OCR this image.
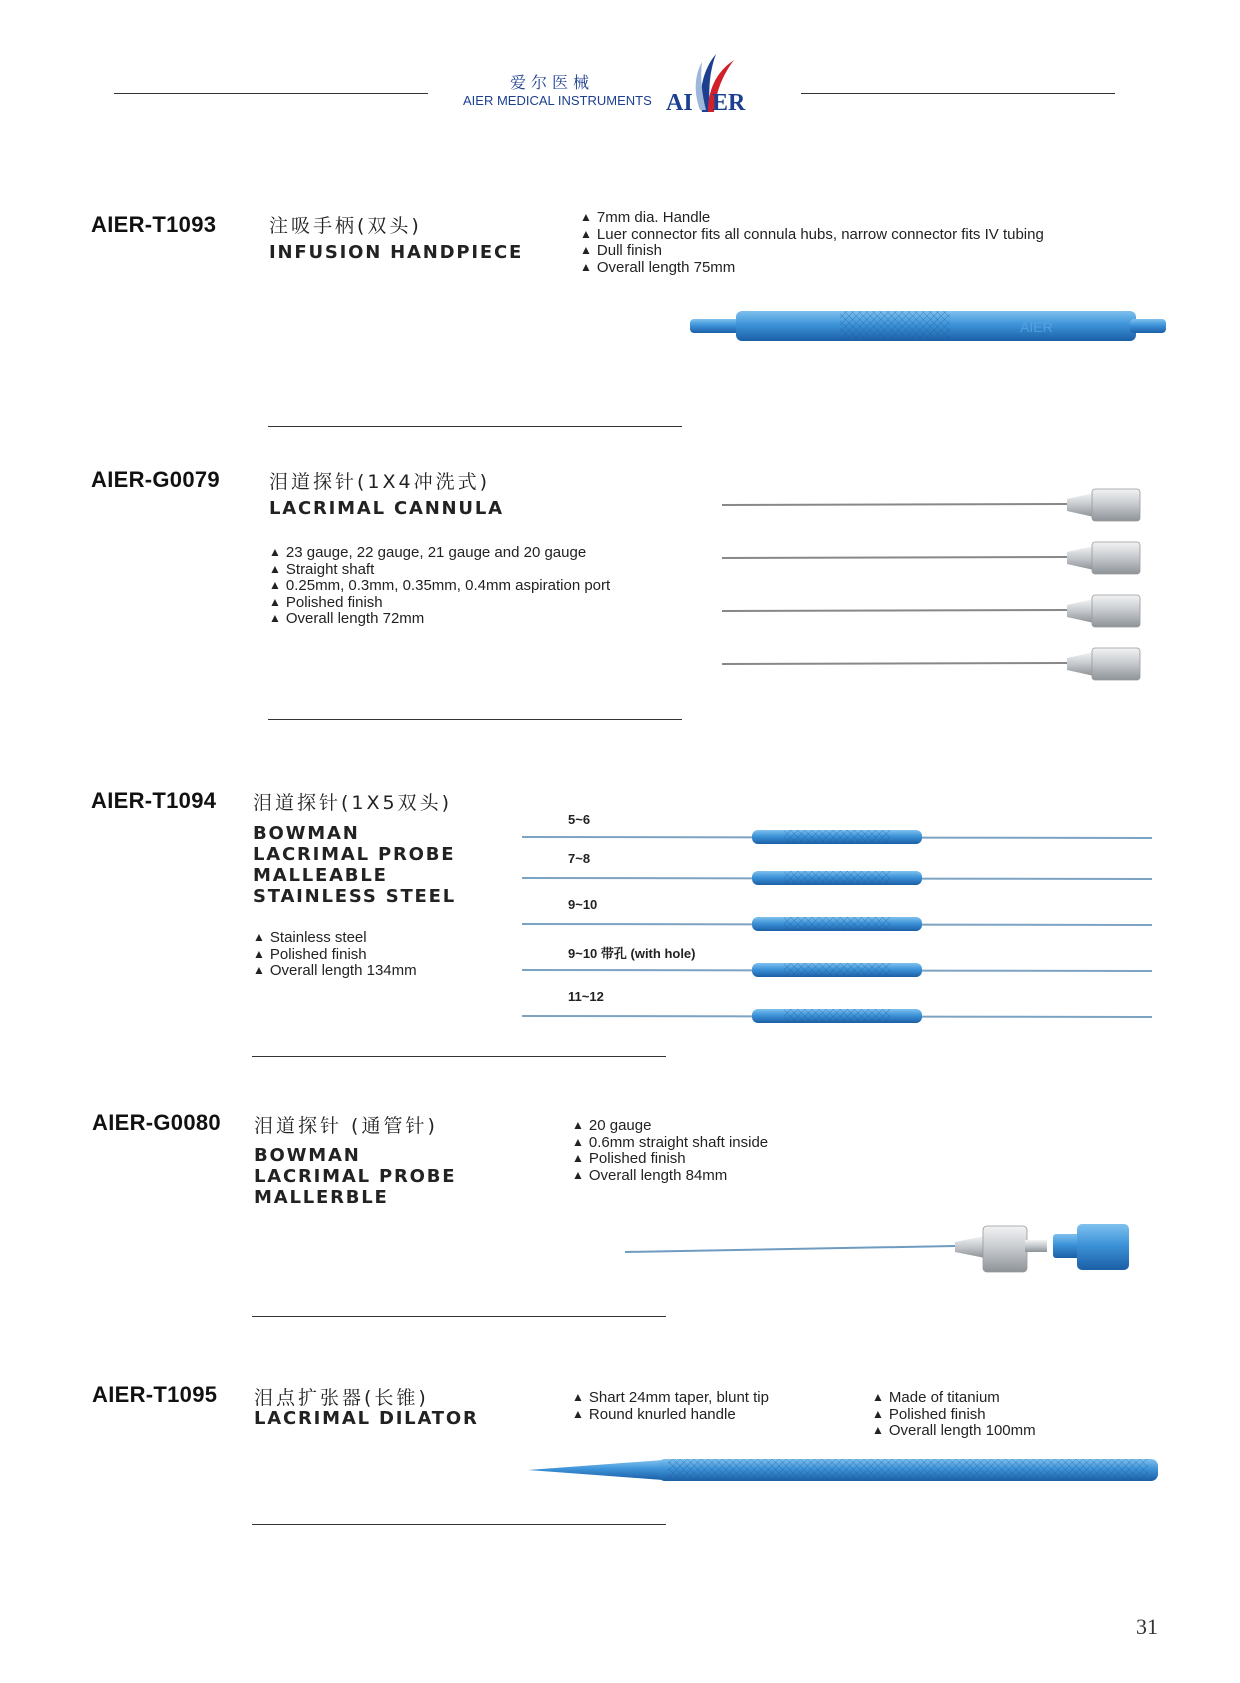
爱尔医械
AIER MEDICAL INSTRUMENTS AI ER
AIER-T1093	注吸手柄(双头)
INFUSION HANDPIECE
▲ 7mm dia. Handle
▲ Luer connector fits all connula hubs, narrow connector fits IV tubing
▲ Dull finish
▲ Overall length 75mm
AIER
AIER-G0079	泪道探针(1X4冲洗式)
LACRIMAL CANNULA
▲ 23 gauge, 22 gauge, 21 gauge and 20 gauge
▲ Straight shaft
▲ 0.25mm, 0.3mm, 0.35mm, 0.4mm aspiration port
▲ Polished finish
▲ Overall length 72mm
AIER-T1094 泪道探针(1X5双头)
BOWMAN
LACRIMAL PROBE
MALLEABLE
STAINLESS STEEL
▲ Stainless steel
▲ Polished finish
▲ Overall length 134mm
5~6
7~8
9~10
9~10 带孔 (with hole)
11~12
AIER-G0080 泪道探针 (通管针)
BOWMAN
LACRIMAL PROBE
MALLERBLE
▲ 20 gauge
▲ 0.6mm straight shaft inside
▲ Polished finish
▲ Overall length 84mm
AIER-T1095 泪点扩张器(长锥)
LACRIMAL DILATOR
▲ Shart 24mm taper, blunt tip
▲ Round knurled handle
▲ Made of titanium
▲ Polished finish
▲ Overall length 100mm
31
